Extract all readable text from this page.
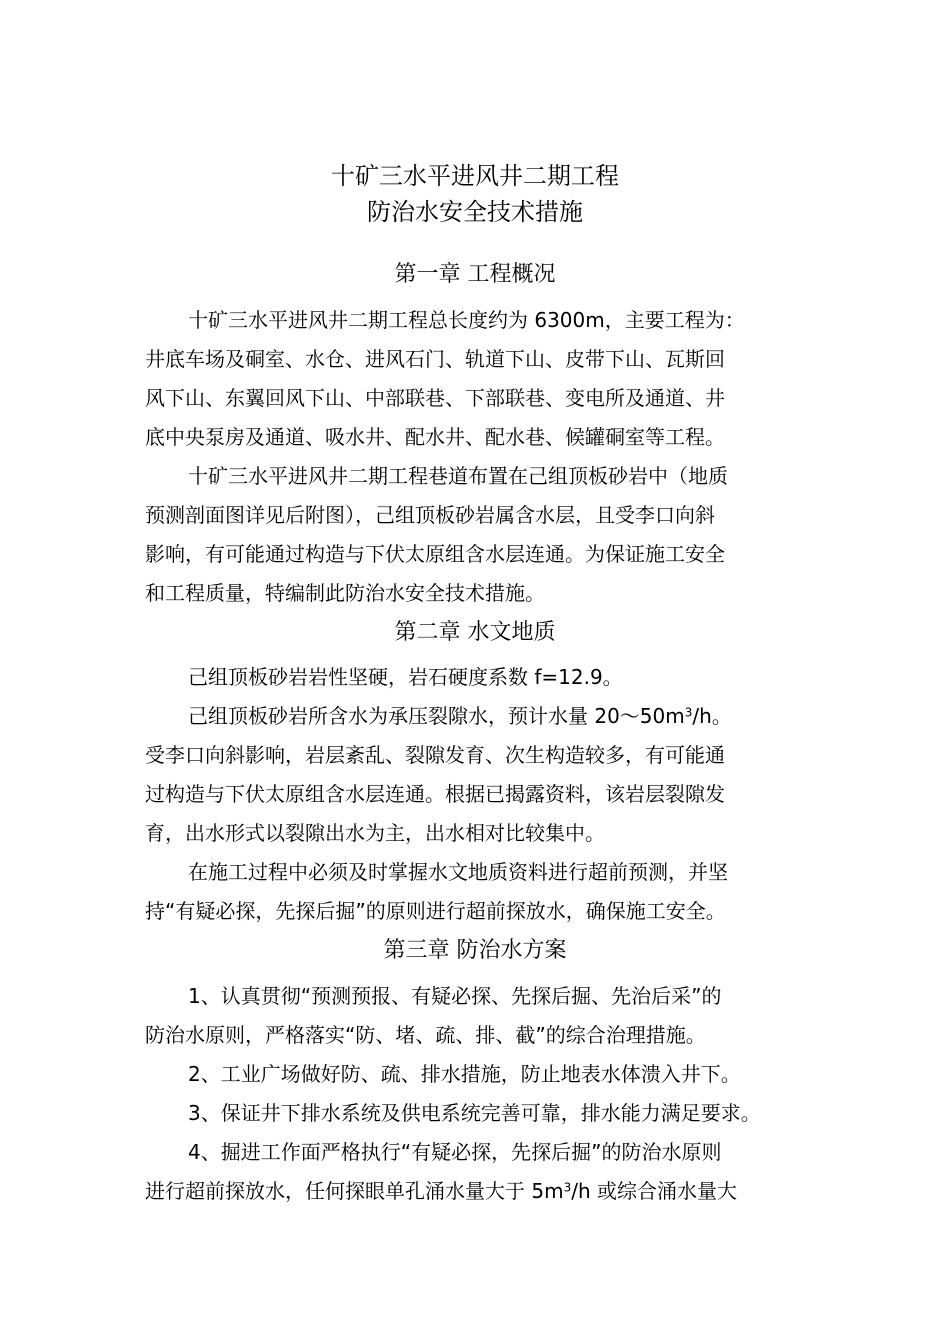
十矿三水平进风井二期工程
防治水安全技术措施
第一章 工程概况
十矿三水平进风井二期工程总长度约为 6300m，主要工程为：
井底车场及硐室、水仓、进风石门、轨道下山、皮带下山、瓦斯回
风下山、东翼回风下山、中部联巷、下部联巷、变电所及通道、井
底中央泵房及通道、吸水井、配水井、配水巷、候罐硐室等工程。
十矿三水平进风井二期工程巷道布置在己组顶板砂岩中（地质
预测剖面图详见后附图），己组顶板砂岩属含水层，且受李口向斜
影响，有可能通过构造与下伏太原组含水层连通。为保证施工安全
和工程质量，特编制此防治水安全技术措施。
第二章 水文地质
己组顶板砂岩岩性坚硬，岩石硬度系数 f=12.9。
己组顶板砂岩所含水为承压裂隙水，预计水量 $20\sim 50m^3/h$。
受李口向斜影响，岩层紊乱、裂隙发育、次生构造较多，有可能通
过构造与下伏太原组含水层连通。根据已揭露资料，该岩层裂隙发
育，出水形式以裂隙出水为主，出水相对比较集中。
在施工过程中必须及时掌握水文地质资料进行超前预测，并坚
持“有疑必探，先探后掘”的原则进行超前探放水，确保施工安全。
第三章 防治水方案
1、认真贯彻“预测预报、有疑必探、先探后掘、先治后采”的
防治水原则，严格落实“防、堵、疏、排、截”的综合治理措施。
2、工业广场做好防、疏、排水措施，防止地表水体溃入井下。
3、保证井下排水系统及供电系统完善可靠，排水能力满足要求。
4、掘进工作面严格执行“有疑必探，先探后掘”的防治水原则
进行超前探放水，任何探眼单孔涌水量大于 $5m^3/h$ 或综合涌水量大
